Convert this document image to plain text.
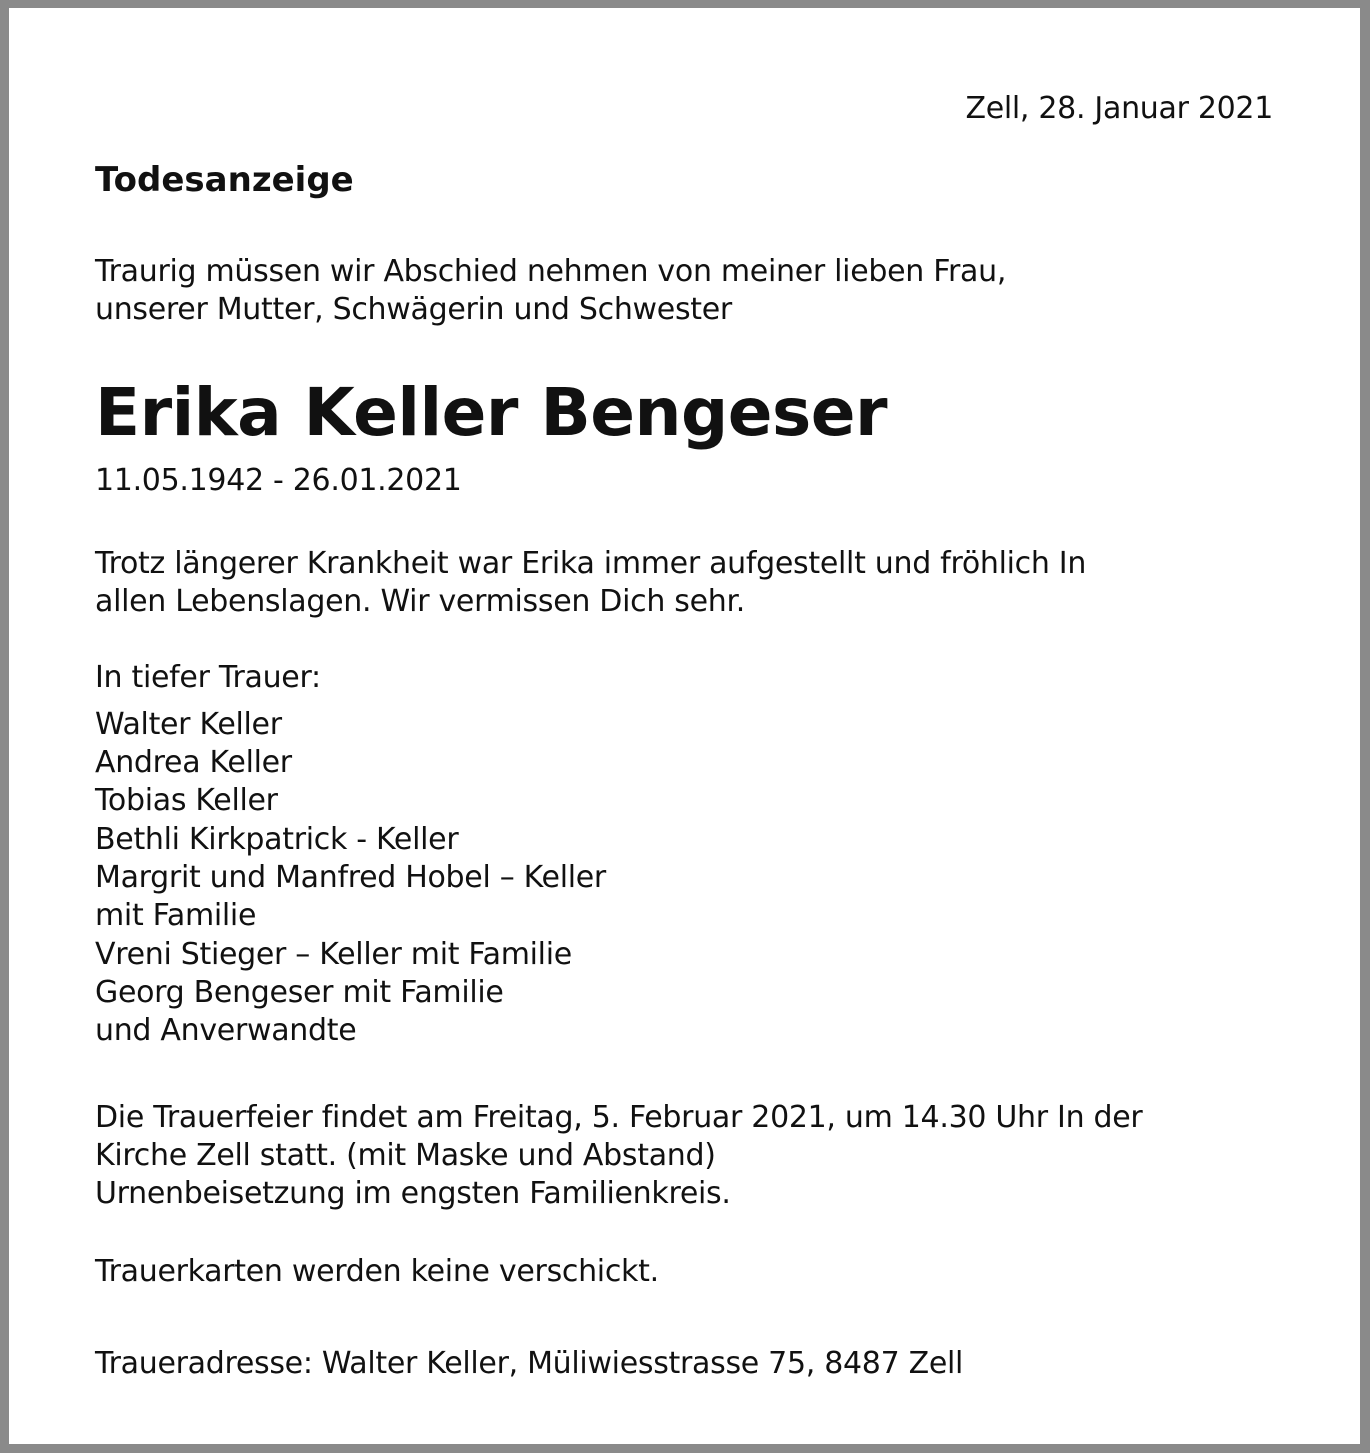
Zell, 28. Januar 2021
Todesanzeige
Traurig müssen wir Abschied nehmen von meiner lieben Frau,
unserer Mutter, Schwägerin und Schwester
Erika Keller Bengeser
11.05.1942 - 26.01.2021
Trotz längerer Krankheit war Erika immer aufgestellt und fröhlich In
allen Lebenslagen. Wir vermissen Dich sehr.
In tiefer Trauer:
Walter Keller
Andrea Keller
Tobias Keller
Bethli Kirkpatrick - Keller
Margrit und Manfred Hobel – Keller
mit Familie
Vreni Stieger – Keller mit Familie
Georg Bengeser mit Familie
und Anverwandte
Die Trauerfeier findet am Freitag, 5. Februar 2021, um 14.30 Uhr In der
Kirche Zell statt. (mit Maske und Abstand)
Urnenbeisetzung im engsten Familienkreis.
Trauerkarten werden keine verschickt.
Traueradresse: Walter Keller, Müliwiesstrasse 75, 8487 Zell
